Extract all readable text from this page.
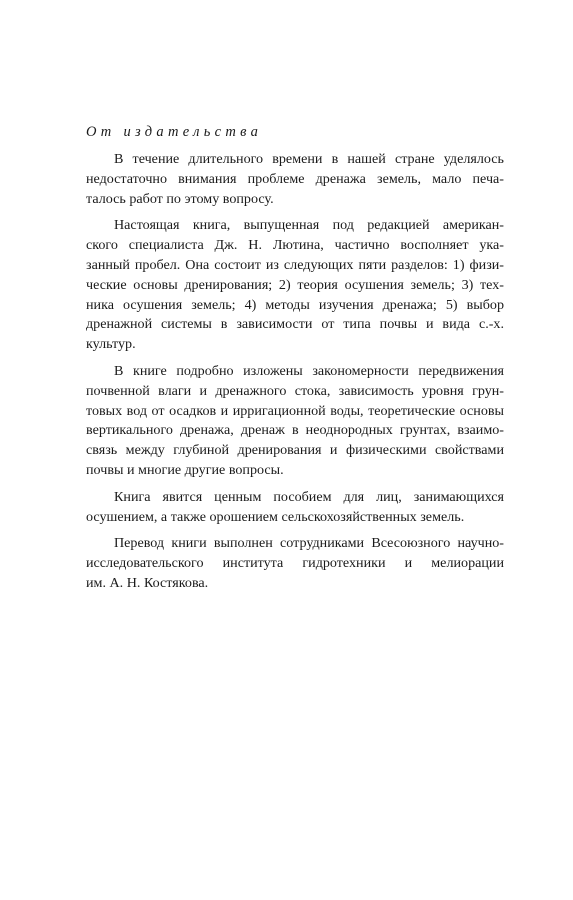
От издательства

В течение длительного времени в нашей стране уделялось
недостаточно внимания проблеме дренажа земель, мало печа-
талось работ по этому вопросу.

Настоящая книга, выпущенная под редакцией американ-
ского специалиста Дж. Н. Лютина, частично восполняет ука-
занный пробел. Она состоит из следующих пяти разделов: 1) физи-
ческие основы дренирования; 2) теория осушения земель; 3) тех-
ника осушения земель; 4) методы изучения дренажа; 5) выбор
дренажной системы в зависимости от типа почвы и вида с.-х.
культур.

В книге подробно изложены закономерности передвижения
почвенной влаги и дренажного стока, зависимость уровня грун-
товых вод от осадков и ирригационной воды, теоретические основы
вертикального дренажа, дренаж в неоднородных грунтах, взаимо-
связь между глубиной дренирования и физическими свойствами
почвы и многие другие вопросы.

Книга явится ценным пособием для лиц, занимающихся
осушением, а также орошением сельскохозяйственных земель.

Перевод книги выполнен сотрудниками Всесоюзного научно-
исследовательского института гидротехники и мелиорации
им. А. Н. Костякова.
